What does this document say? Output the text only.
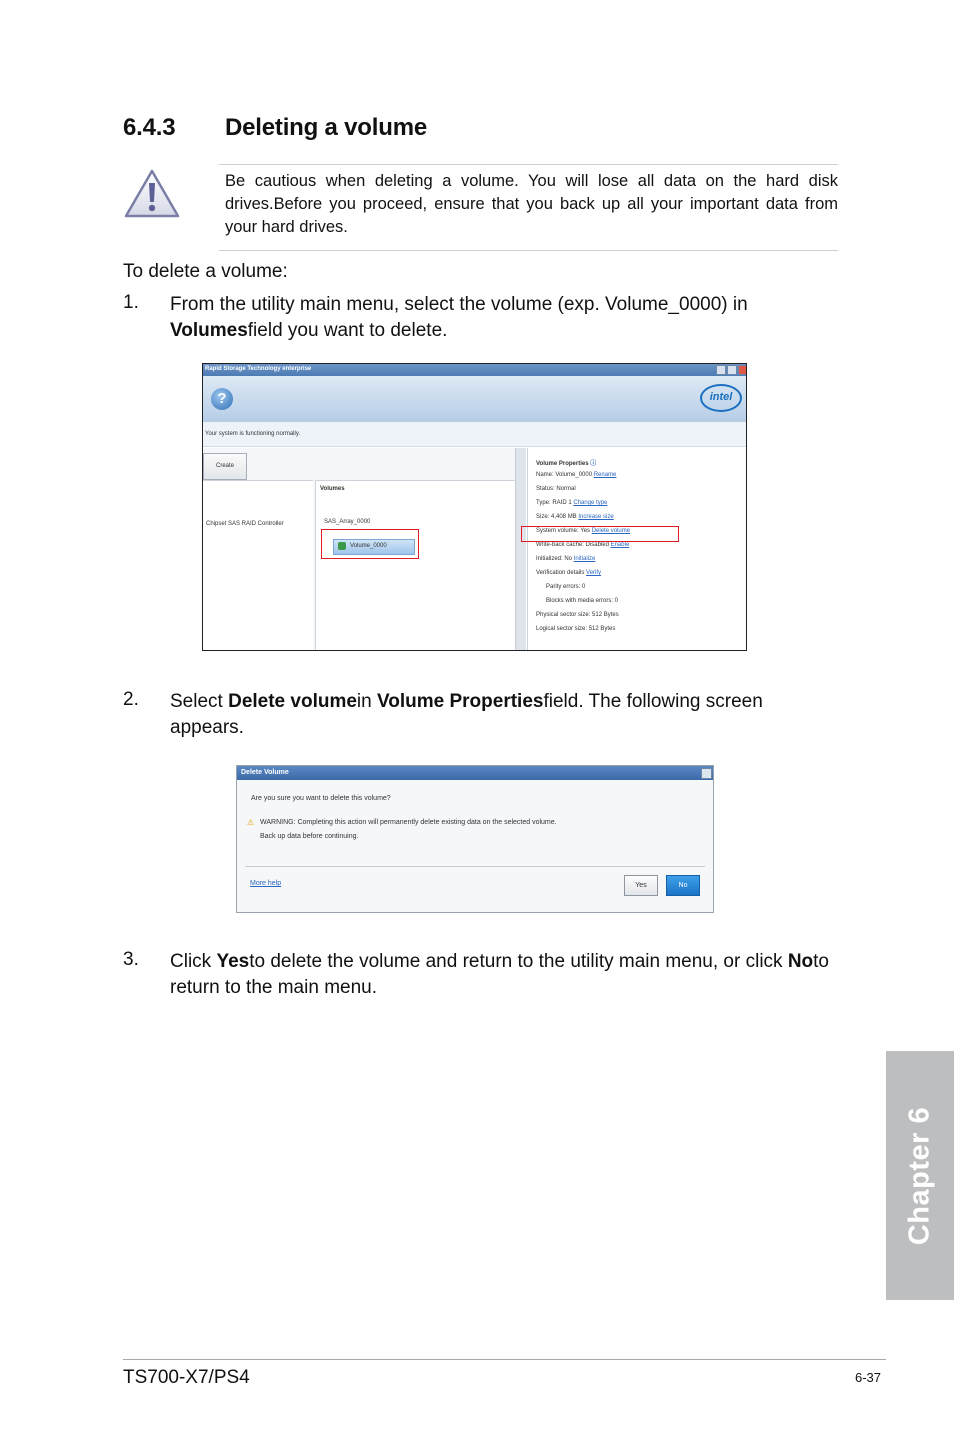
6.4.3 Deleting a volume
Be cautious when deleting a volume. You will lose all data on the hard disk drives.Before you proceed, ensure that you back up all your important data from your hard drives.
To delete a volume:
1. From the utility main menu, select the volume (exp. Volume_0000) in Volumesfield you want to delete.
Rapid Storage Technology enterprise
?	intel
Your system is functioning normally.
Create
Chipset SAS RAID Controller
Volumes
SAS_Array_0000
Volume_0000
Volume Properties ⓘ
Name: Volume_0000 Rename
Status: Normal
Type: RAID 1 Change type
Size: 4,408 MB Increase size
System volume: Yes Delete volume
Write-back cache: Disabled Enable
Initialized: No Initialize
Verification details Verify
Parity errors: 0
Blocks with media errors: 0
Physical sector size: 512 Bytes
Logical sector size: 512 Bytes
2. Select Delete volumein Volume Propertiesfield. The following screen appears.
Delete Volume
Are you sure you want to delete this volume?
⚠ WARNING: Completing this action will permanently delete existing data on the selected volume.
Back up data before continuing.
More help	Yes	No
3. Click Yesto delete the volume and return to the utility main menu, or click Noto return to the main menu.
Chapter 6
TS700-X7/PS4	6-37
